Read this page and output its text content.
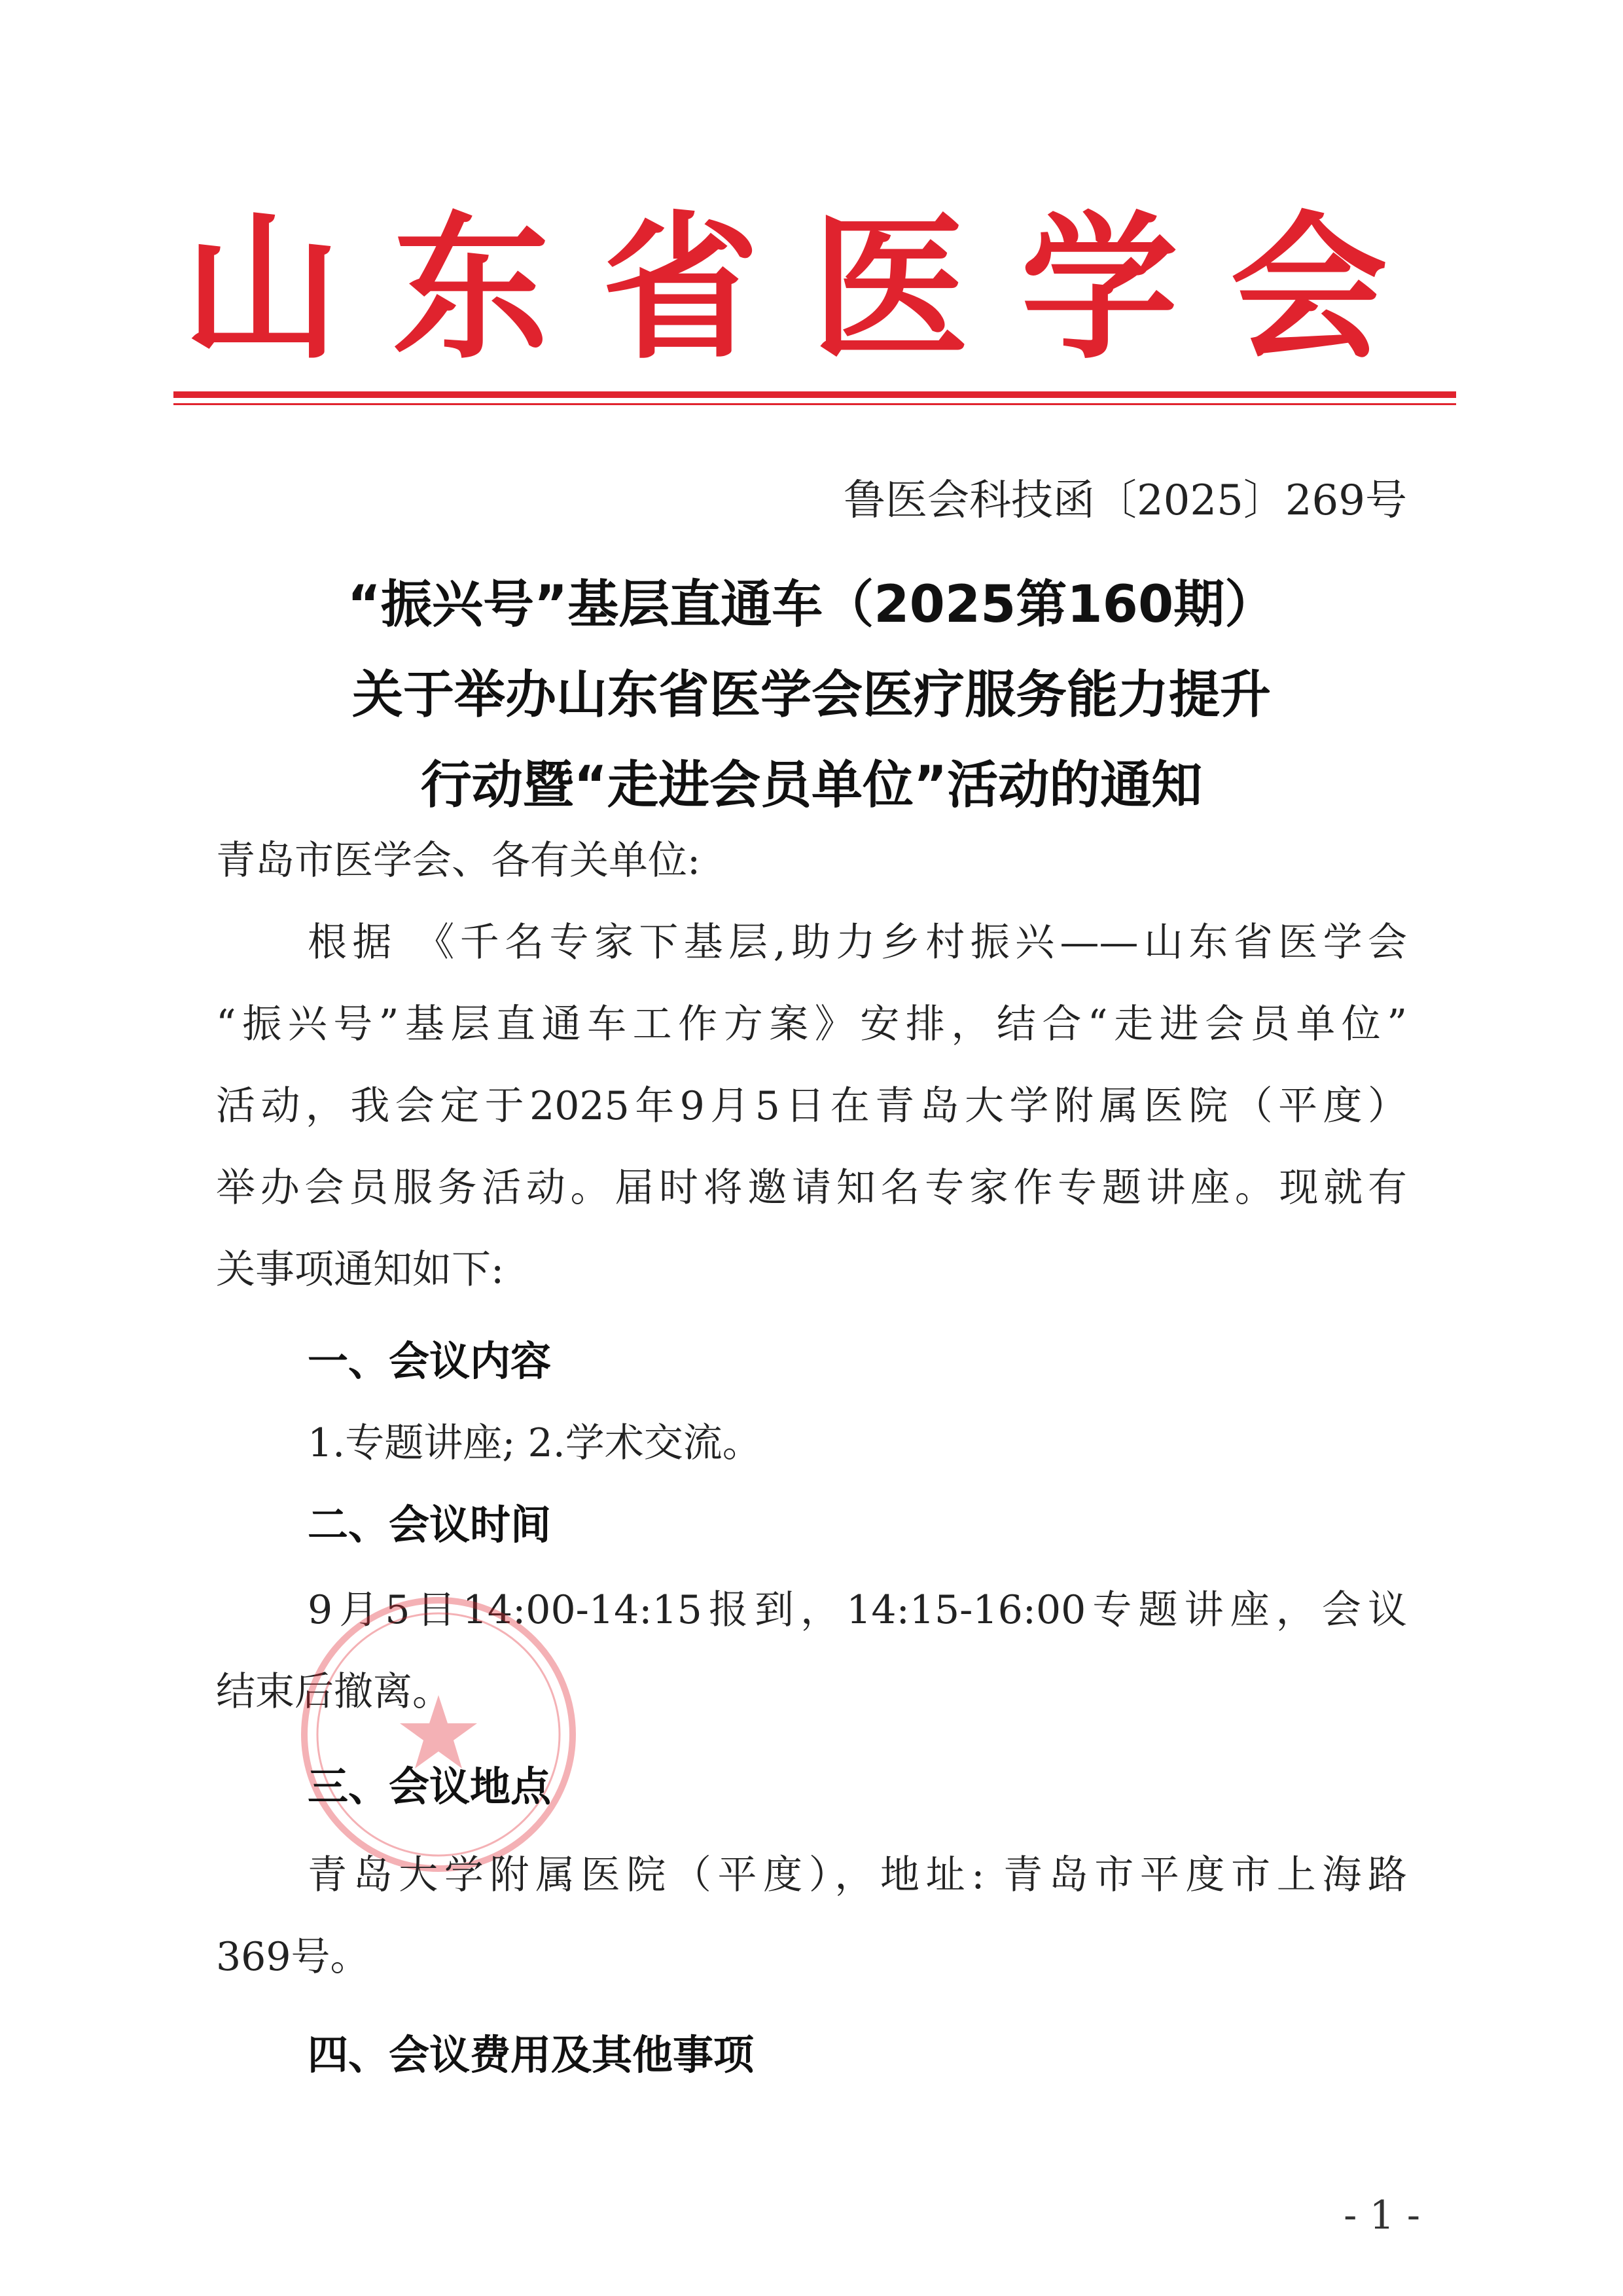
山东省医学会
鲁医会科技函〔2025〕269号
“振兴号”基层直通车（2025第160期）
关于举办山东省医学会医疗服务能力提升
行动暨“走进会员单位”活动的通知
青岛市医学会、各有关单位:
根据 《千名专家下基层,助力乡村振兴——山东省医学会
“振兴号”基层直通车工作方案》安排，结合“走进会员单位”
活动，我会定于2025年9月5日在青岛大学附属医院（平度）
举办会员服务活动。届时将邀请知名专家作专题讲座。现就有
关事项通知如下:
一、会议内容
1.专题讲座; 2.学术交流。
二、会议时间
9月5日14:00-14:15报到，14:15-16:00专题讲座，会议
结束后撤离。
三、会议地点
青岛大学附属医院（平度），地址: 青岛市平度市上海路
369号。
四、会议费用及其他事项
- 1 -
